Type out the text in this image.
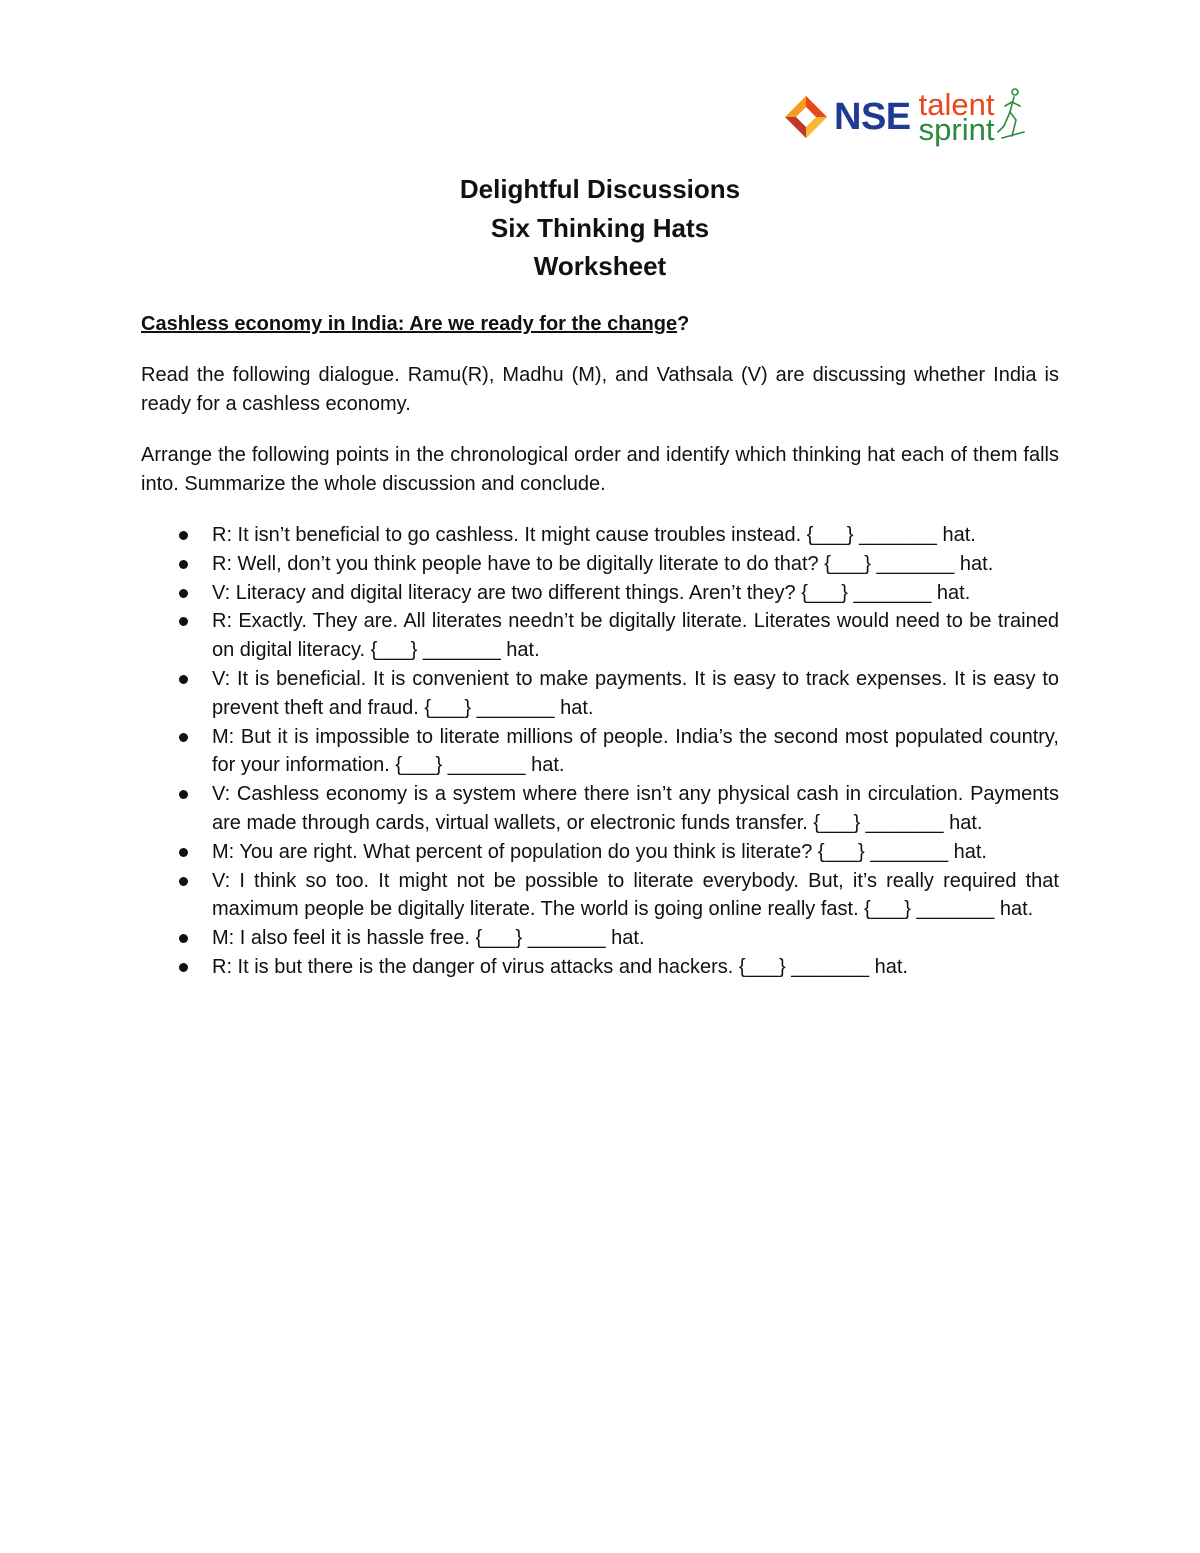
NSE talent
sprint
Delightful Discussions
Six Thinking Hats
Worksheet

Cashless economy in India: Are we ready for the change?

Read the following dialogue. Ramu(R), Madhu (M), and Vathsala (V) are discussing whether India is ready for a cashless economy.

Arrange the following points in the chronological order and identify which thinking hat each of them falls into. Summarize the whole discussion and conclude.

R: It isn’t beneficial to go cashless. It might cause troubles instead. {___} _______ hat.
R: Well, don’t you think people have to be digitally literate to do that? {___} _______ hat.
V: Literacy and digital literacy are two different things. Aren’t they? {___} _______ hat.
R: Exactly. They are. All literates needn’t be digitally literate. Literates would need to be trained on digital literacy. {___} _______ hat.
V: It is beneficial. It is convenient to make payments. It is easy to track expenses. It is easy to prevent theft and fraud. {___} _______ hat.
M: But it is impossible to literate millions of people. India’s the second most populated country, for your information. {___} _______ hat.
V: Cashless economy is a system where there isn’t any physical cash in circulation. Payments are made through cards, virtual wallets, or electronic funds transfer. {___} _______ hat.
M: You are right. What percent of population do you think is literate? {___} _______ hat.
V: I think so too. It might not be possible to literate everybody. But, it’s really required that maximum people be digitally literate. The world is going online really fast. {___} _______ hat.
M: I also feel it is hassle free. {___} _______ hat.
R: It is but there is the danger of virus attacks and hackers. {___} _______ hat.
